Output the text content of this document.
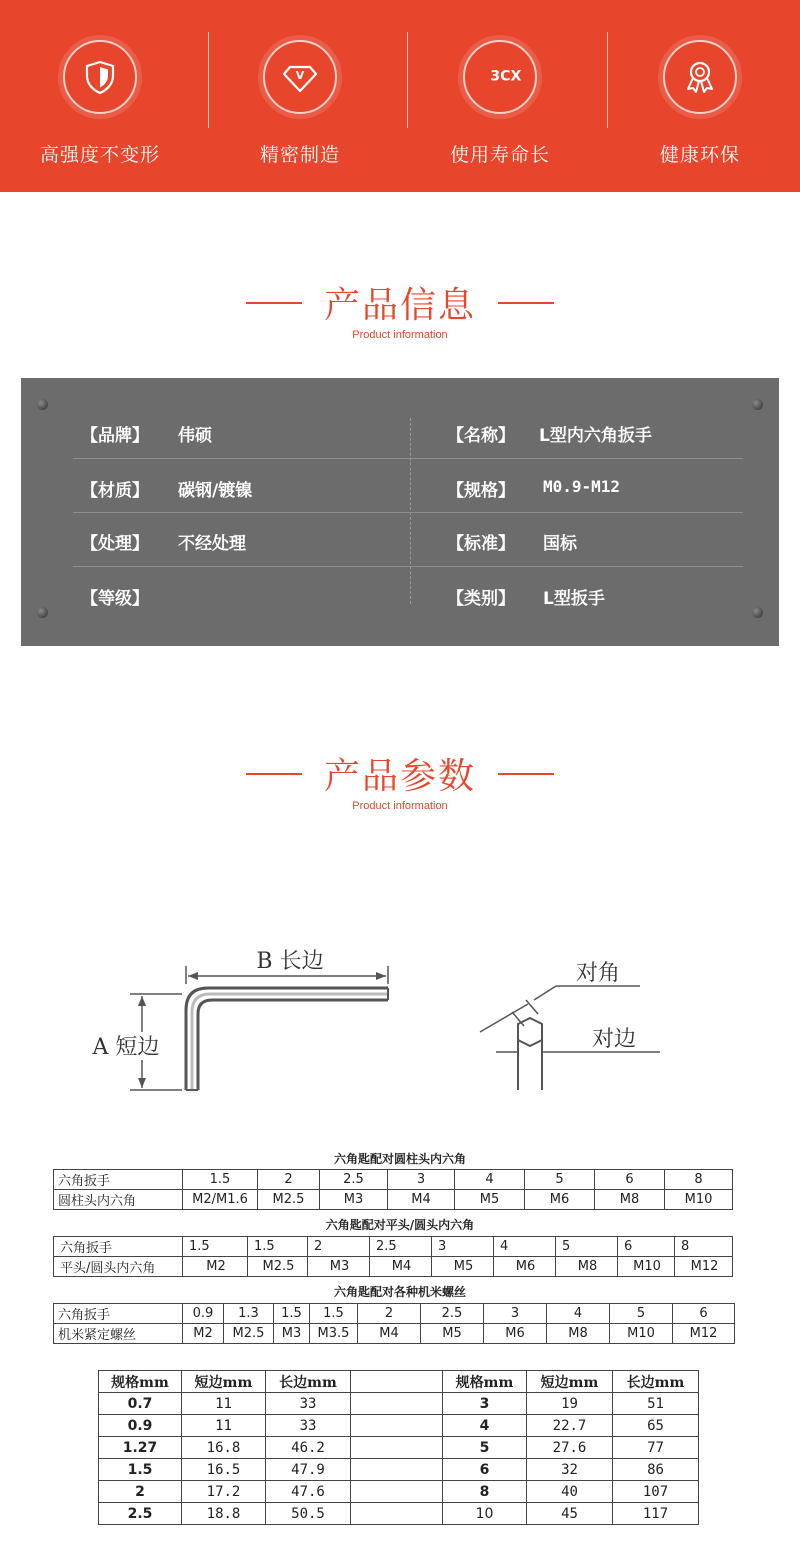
高强度不变形
V
精密制造
3CX
使用寿命长	健康环保
产品信息
Product information
【品牌】 伟硕
【材质】 碳钢/镀镍
【处理】 不经处理
【等级】
【名称】 L型内六角扳手
【规格】 M0.9-M12
【标准】 国标
【类别】 L型扳手
产品参数
Product information
B 长边
A 短边
对角
对边
六角匙配对圆柱头内六角
六角扳手	1.5	2	2.5	3	4	5	6	8
圆柱头内六角	M2/M1.6	M2.5	M3	M4	M5	M6	M8	M10
六角匙配对平头/圆头内六角
六角扳手	1.5	1.5	2	2.5	3	4	5	6	8
平头/圆头内六角	M2	M2.5	M3	M4	M5	M6	M8	M10	M12
六角匙配对各种机米螺丝
六角扳手	0.9	1.3	1.5	1.5	2	2.5	3	4	5	6
机米紧定螺丝	M2	M2.5	M3	M3.5	M4	M5	M6	M8	M10	M12
规格mm	短边mm	长边mm		规格mm	短边mm	长边mm
0.7	11	33		3	19	51
0.9	11	33		4	22.7	65
1.27	16.8	46.2		5	27.6	77
1.5	16.5	47.9		6	32	86
2	17.2	47.6		8	40	107
2.5	18.8	50.5		10	45	117
